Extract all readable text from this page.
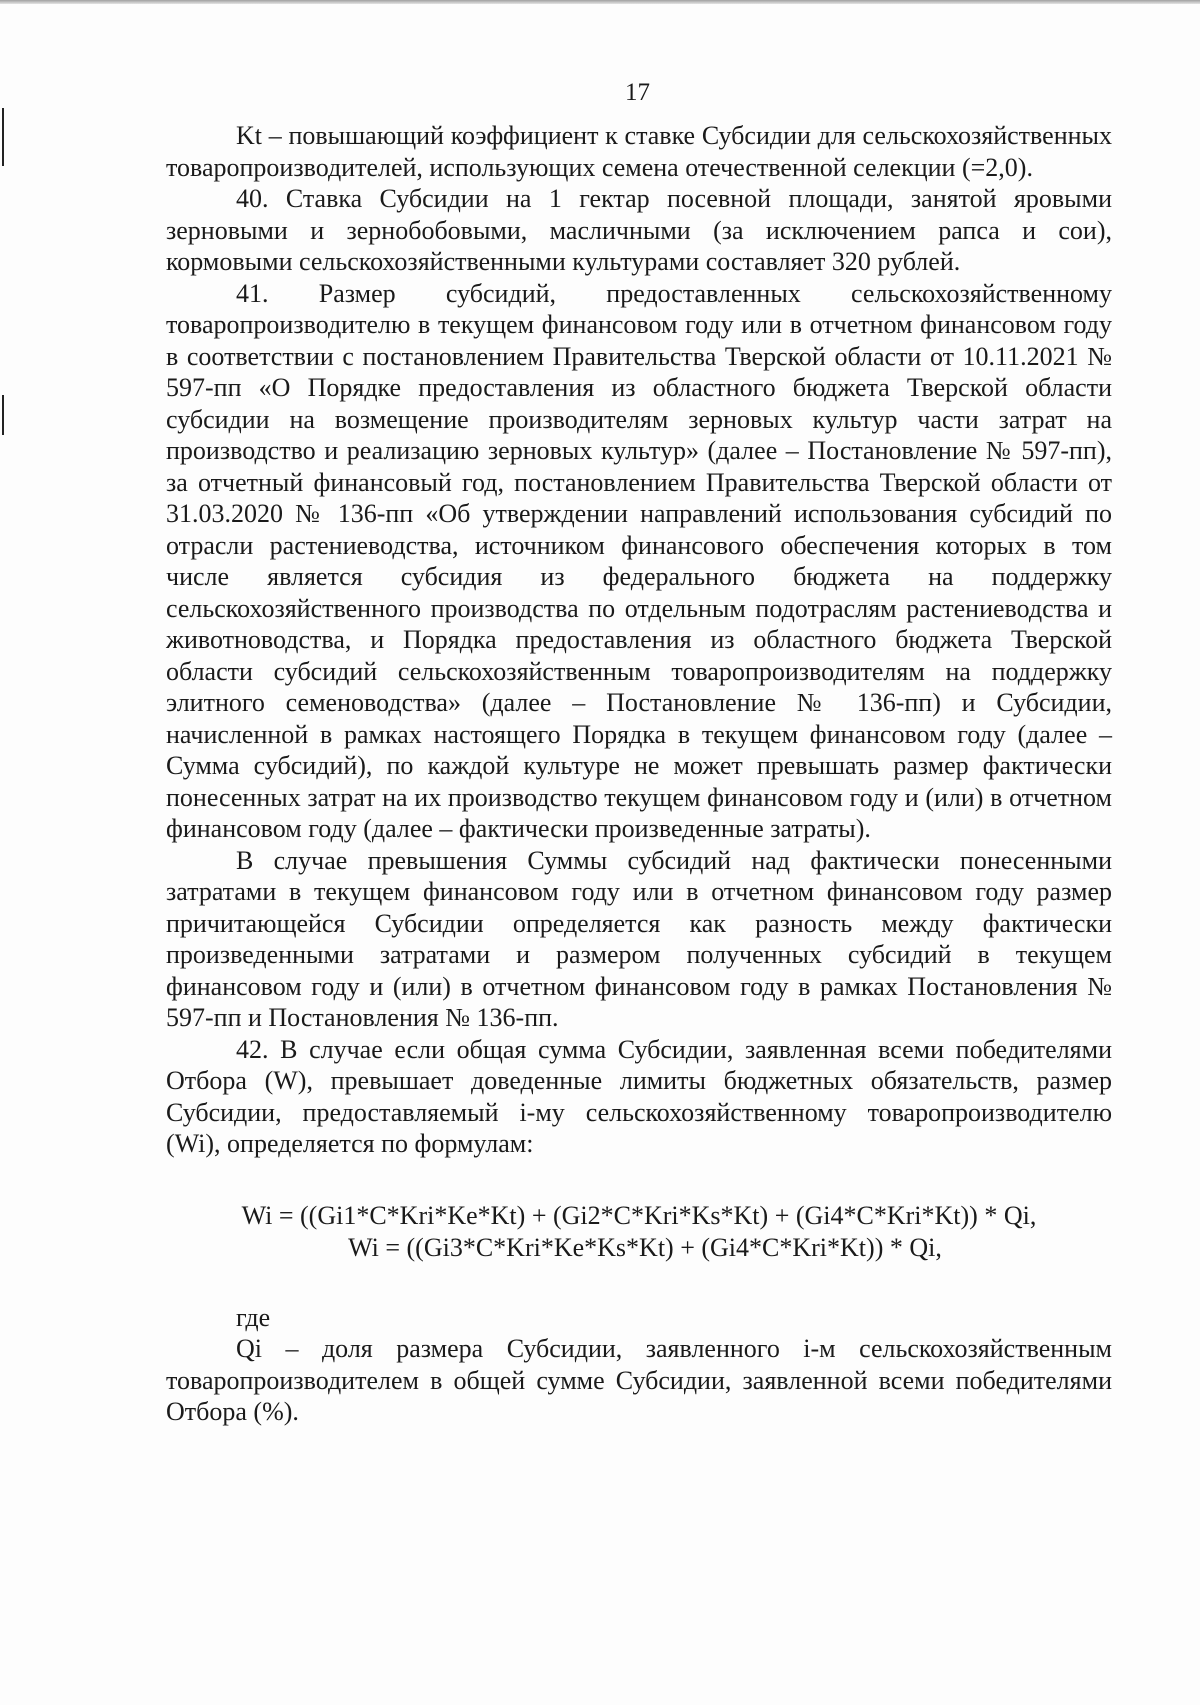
17

Kt – повышающий коэффициент к ставке Субсидии для сельскохозяйственных товаропроизводителей, использующих семена отечественной селекции (=2,0).

40. Ставка Субсидии на 1 гектар посевной площади, занятой яровыми зерновыми и зернобобовыми, масличными (за исключением рапса и сои), кормовыми сельскохозяйственными культурами составляет 320 рублей.

41. Размер субсидий, предоставленных сельскохозяйственному товаропроизводителю в текущем финансовом году или в отчетном финансовом году в соответствии с постановлением Правительства Тверской области от 10.11.2021 № 597-пп «О Порядке предоставления из областного бюджета Тверской области субсидии на возмещение производителям зерновых культур части затрат на производство и реализацию зерновых культур» (далее – Постановление № 597-пп), за отчетный финансовый год, постановлением Правительства Тверской области от 31.03.2020 № 136-пп «Об утверждении направлений использования субсидий по отрасли растениеводства, источником финансового обеспечения которых в том числе является субсидия из федерального бюджета на поддержку сельскохозяйственного производства по отдельным подотраслям растениеводства и животноводства, и Порядка предоставления из областного бюджета Тверской области субсидий сельскохозяйственным товаропроизводителям на поддержку элитного семеноводства» (далее – Постановление № 136-пп) и Субсидии, начисленной в рамках настоящего Порядка в текущем финансовом году (далее – Сумма субсидий), по каждой культуре не может превышать размер фактически понесенных затрат на их производство текущем финансовом году и (или) в отчетном финансовом году (далее – фактически произведенные затраты).

В случае превышения Суммы субсидий над фактически понесенными затратами в текущем финансовом году или в отчетном финансовом году размер причитающейся Субсидии определяется как разность между фактически произведенными затратами и размером полученных субсидий в текущем финансовом году и (или) в отчетном финансовом году в рамках Постановления № 597-пп и Постановления № 136-пп.

42. В случае если общая сумма Субсидии, заявленная всеми победителями Отбора (W), превышает доведенные лимиты бюджетных обязательств, размер Субсидии, предоставляемый i-му сельскохозяйственному товаропроизводителю (Wi), определяется по формулам:

Wi = ((Gi1*C*Kri*Ke*Kt) + (Gi2*C*Kri*Ks*Kt) + (Gi4*C*Kri*Kt)) * Qi,
Wi = ((Gi3*C*Kri*Ke*Ks*Kt) + (Gi4*C*Kri*Kt)) * Qi,

где

Qi – доля размера Субсидии, заявленного i-м сельскохозяйственным товаропроизводителем в общей сумме Субсидии, заявленной всеми победителями Отбора (%).
